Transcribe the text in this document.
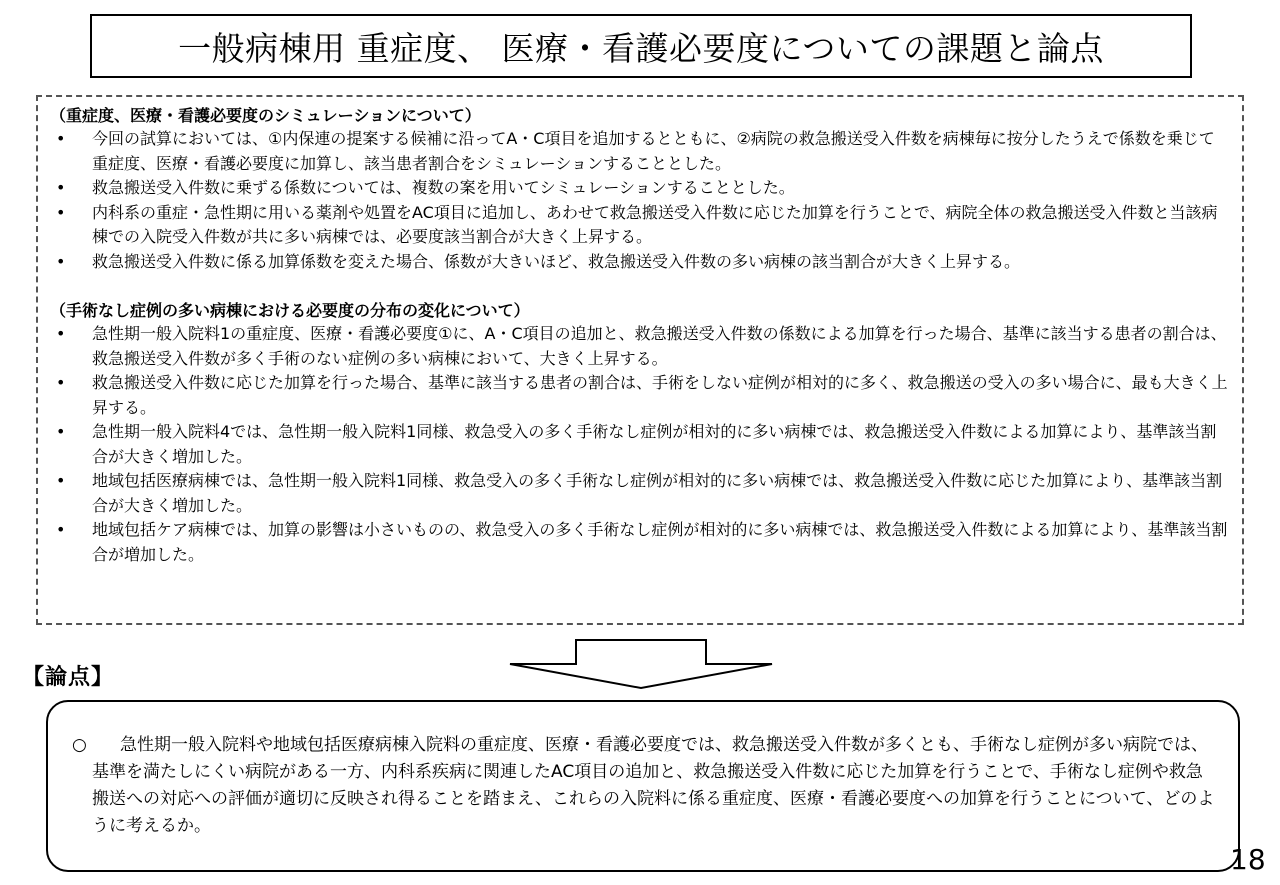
一般病棟用 重症度、 医療・看護必要度についての課題と論点

（重症度、医療・看護必要度のシミュレーションについて）

• 今回の試算においては、①内保連の提案する候補に沿ってA・C項目を追加するとともに、②病院の救急搬送受入件数を病棟毎に按分したうえで係数を乗じて重症度、医療・看護必要度に加算し、該当患者割合をシミュレーションすることとした。
• 救急搬送受入件数に乗ずる係数については、複数の案を用いてシミュレーションすることとした。
• 内科系の重症・急性期に用いる薬剤や処置をAC項目に追加し、あわせて救急搬送受入件数に応じた加算を行うことで、病院全体の救急搬送受入件数と当該病棟での入院受入件数が共に多い病棟では、必要度該当割合が大きく上昇する。
• 救急搬送受入件数に係る加算係数を変えた場合、係数が大きいほど、救急搬送受入件数の多い病棟の該当割合が大きく上昇する。

（手術なし症例の多い病棟における必要度の分布の変化について）

• 急性期一般入院料1の重症度、医療・看護必要度①に、A・C項目の追加と、救急搬送受入件数の係数による加算を行った場合、基準に該当する患者の割合は、救急搬送受入件数が多く手術のない症例の多い病棟において、大きく上昇する。
• 救急搬送受入件数に応じた加算を行った場合、基準に該当する患者の割合は、手術をしない症例が相対的に多く、救急搬送の受入の多い場合に、最も大きく上昇する。
• 急性期一般入院料4では、急性期一般入院料1同様、救急受入の多く手術なし症例が相対的に多い病棟では、救急搬送受入件数による加算により、基準該当割合が大きく増加した。
• 地域包括医療病棟では、急性期一般入院料1同様、救急受入の多く手術なし症例が相対的に多い病棟では、救急搬送受入件数に応じた加算により、基準該当割合が大きく増加した。
• 地域包括ケア病棟では、加算の影響は小さいものの、救急受入の多く手術なし症例が相対的に多い病棟では、救急搬送受入件数による加算により、基準該当割合が増加した。
【論点】

○ 急性期一般入院料や地域包括医療病棟入院料の重症度、医療・看護必要度では、救急搬送受入件数が多くとも、手術なし症例が多い病院では、基準を満たしにくい病院がある一方、内科系疾病に関連したAC項目の追加と、救急搬送受入件数に応じた加算を行うことで、手術なし症例や救急搬送への対応への評価が適切に反映され得ることを踏まえ、これらの入院料に係る重症度、医療・看護必要度への加算を行うことについて、どのように考えるか。

18
